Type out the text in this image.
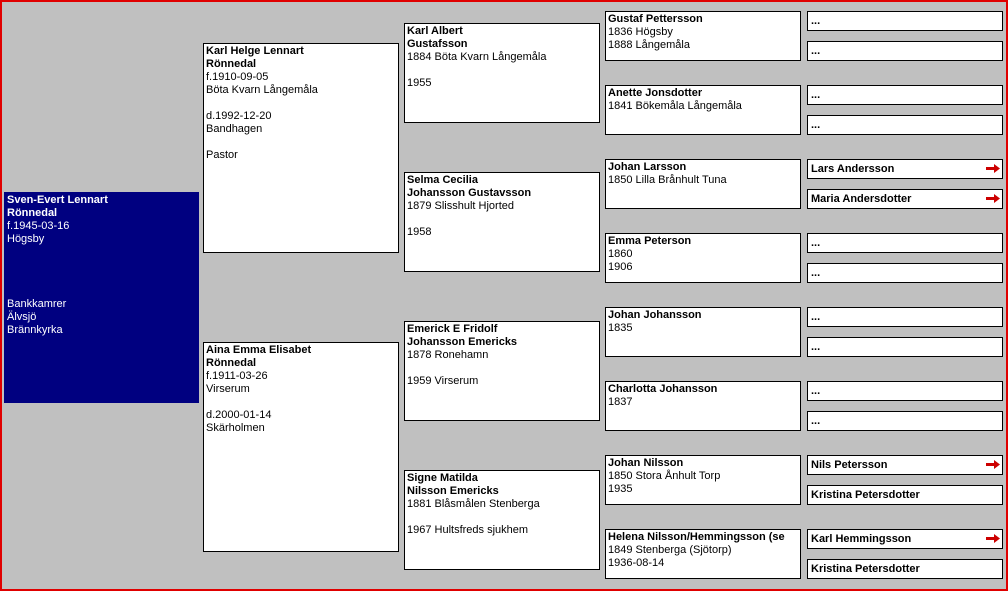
Sven-Evert Lennart
Rönnedal
f.1945-03-16
Högsby
Bankkamrer
Älvsjö
Brännkyrka
Karl Helge Lennart
Rönnedal
f.1910-09-05
Böta Kvarn Långemåla
d.1992-12-20
Bandhagen
Pastor
Aina Emma Elisabet
Rönnedal
f.1911-03-26
Virserum
d.2000-01-14
Skärholmen
Karl Albert
Gustafsson
1884 Böta Kvarn Långemåla
1955
Selma Cecilia
Johansson Gustavsson
1879 Slisshult Hjorted
1958
Emerick E Fridolf
Johansson Emericks
1878 Ronehamn
1959 Virserum
Signe Matilda
Nilsson Emericks
1881 Blåsmålen Stenberga
1967 Hultsfreds sjukhem
Gustaf Pettersson
1836 Högsby
1888 Långemåla
Anette Jonsdotter
1841 Bökemåla Långemåla
Johan Larsson
1850 Lilla Brånhult Tuna
Emma Peterson
1860
1906
Johan Johansson
1835
Charlotta Johansson
1837
Johan Nilsson
1850 Stora Ånhult Torp
1935
Helena Nilsson/Hemmingsson (se
1849 Stenberga (Sjötorp)
1936-08-14
...
...
...
...
Lars Andersson
Maria Andersdotter
...
...
...
...
...
...
Nils Petersson
Kristina Petersdotter
Karl Hemmingsson
Kristina Petersdotter
